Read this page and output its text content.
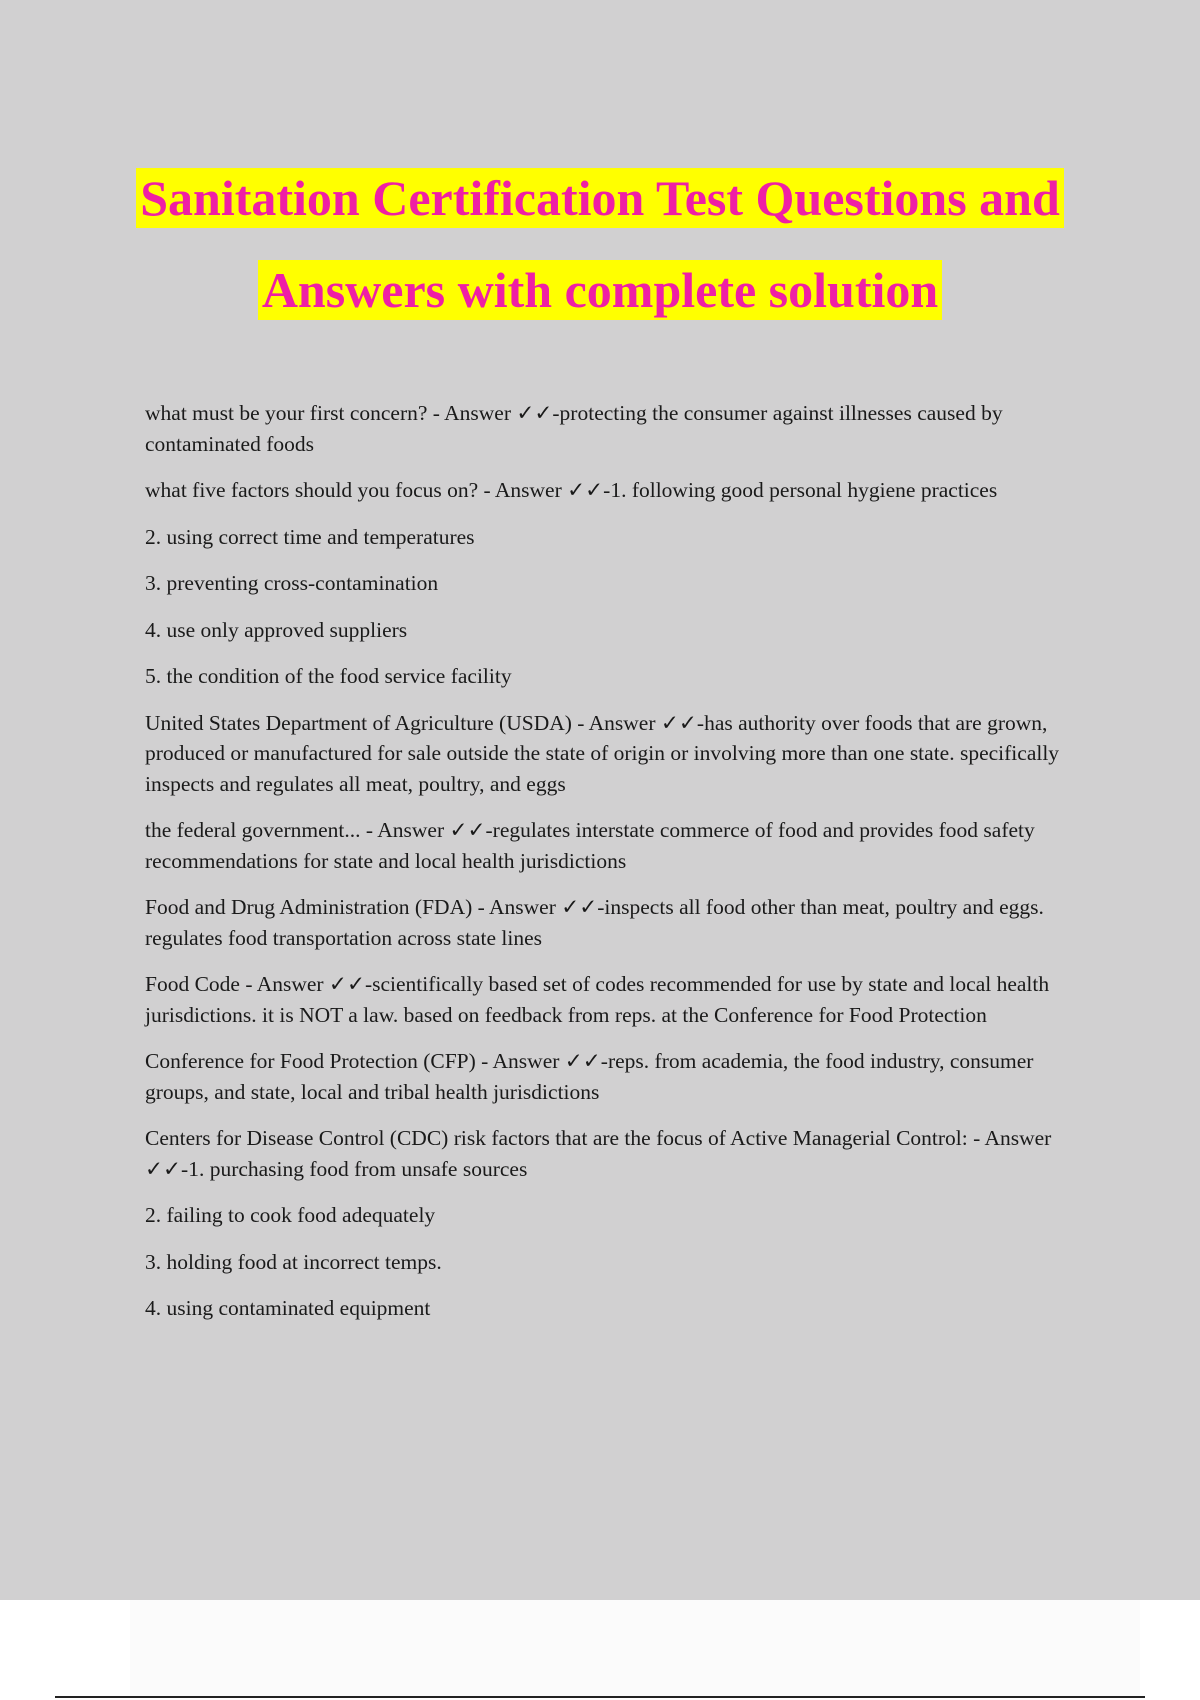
Sanitation Certification Test Questions and
Answers with complete solution

what must be your first concern? - Answer ✓✓-protecting the consumer against illnesses caused by contaminated foods

what five factors should you focus on? - Answer ✓✓-1. following good personal hygiene practices

2. using correct time and temperatures

3. preventing cross-contamination

4. use only approved suppliers

5. the condition of the food service facility

United States Department of Agriculture (USDA) - Answer ✓✓-has authority over foods that are grown, produced or manufactured for sale outside the state of origin or involving more than one state. specifically inspects and regulates all meat, poultry, and eggs

the federal government... - Answer ✓✓-regulates interstate commerce of food and provides food safety recommendations for state and local health jurisdictions

Food and Drug Administration (FDA) - Answer ✓✓-inspects all food other than meat, poultry and eggs. regulates food transportation across state lines

Food Code - Answer ✓✓-scientifically based set of codes recommended for use by state and local health jurisdictions. it is NOT a law. based on feedback from reps. at the Conference for Food Protection

Conference for Food Protection (CFP) - Answer ✓✓-reps. from academia, the food industry, consumer groups, and state, local and tribal health jurisdictions

Centers for Disease Control (CDC) risk factors that are the focus of Active Managerial Control: - Answer ✓✓-1. purchasing food from unsafe sources

2. failing to cook food adequately

3. holding food at incorrect temps.

4. using contaminated equipment
